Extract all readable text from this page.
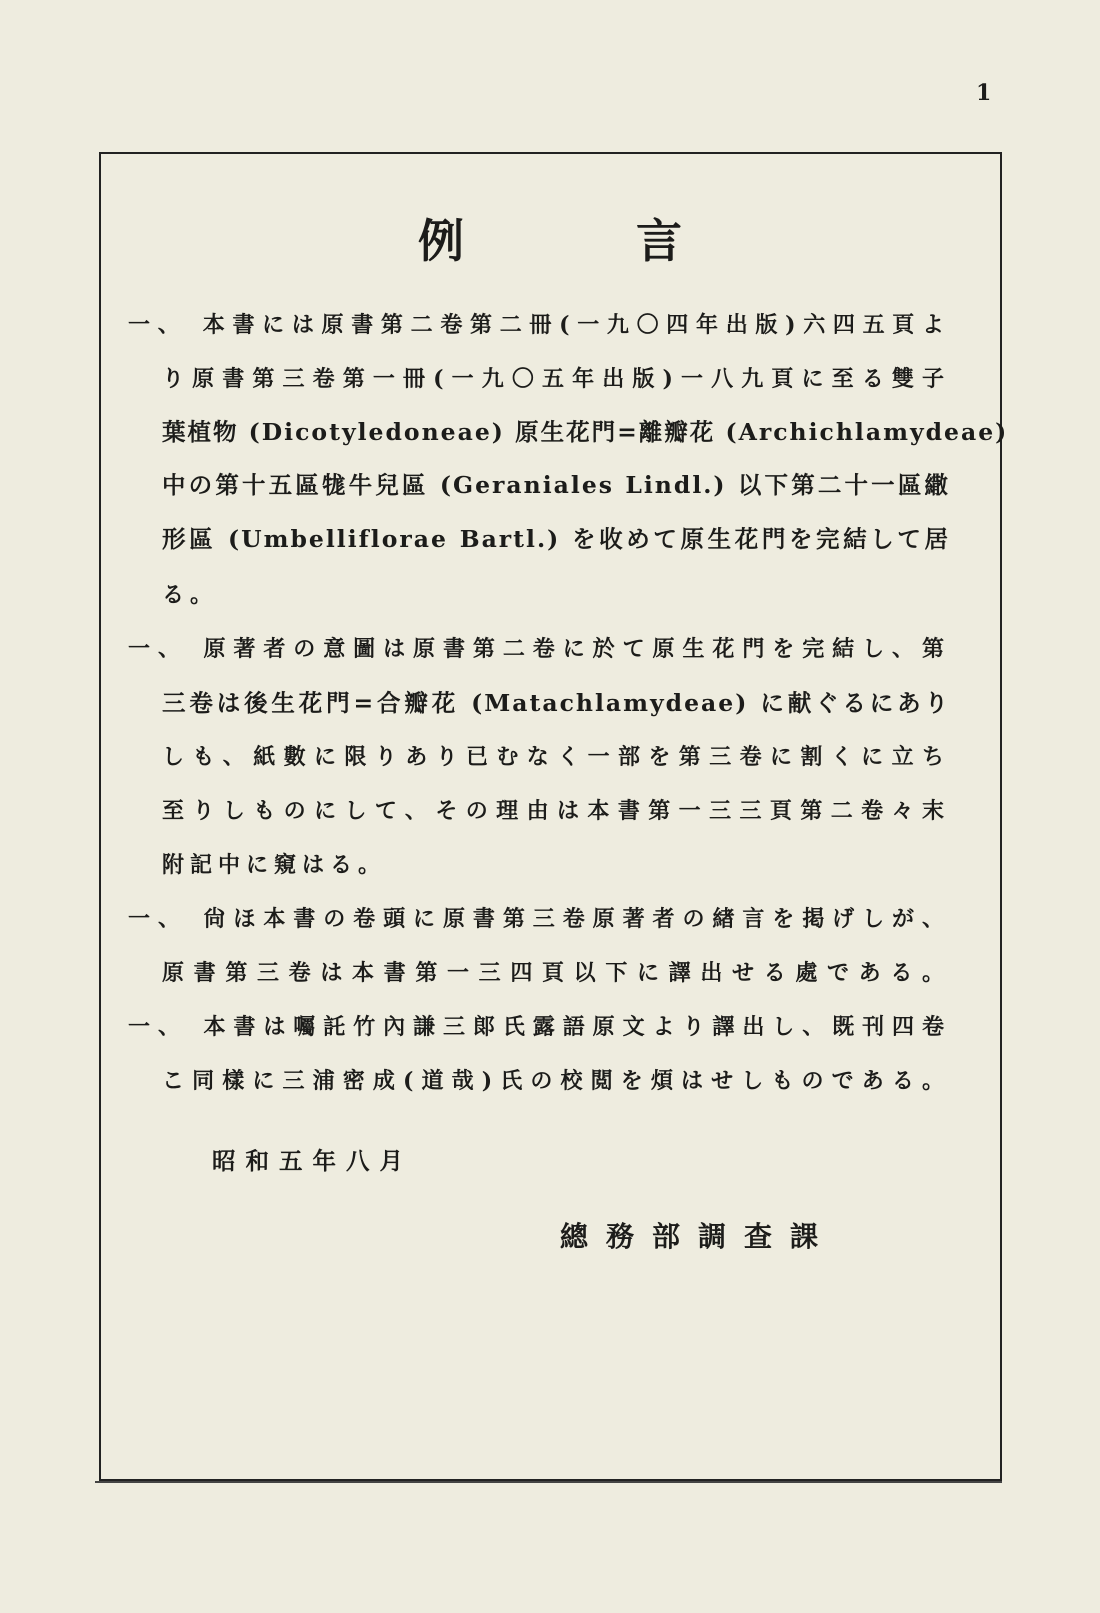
1
例 言
一、 本書には原書第二卷第二冊(一九〇四年出版)六四五頁よ
り原書第三卷第一冊(一九〇五年出版)一八九頁に至る雙子
葉植物 (Dicotyledoneae) 原生花門=離瓣花 (Archichlamydeae)
中の第十五區牻牛兒區 (Geraniales Lindl.) 以下第二十一區繖
形區 (Umbelliflorae Bartl.) を收めて原生花門を完結して居
る。
一、 原著者の意圖は原書第二卷に於て原生花門を完結し、第
三卷は後生花門=合瓣花 (Matachlamydeae) に献ぐるにあり
しも、紙數に限りあり已むなく一部を第三卷に割くに立ち
至りしものにして、その理由は本書第一三三頁第二卷々末
附記中に窺はる。
一、 尙ほ本書の卷頭に原書第三卷原著者の緖言を掲げしが、
原書第三卷は本書第一三四頁以下に譯出せる處である。
一、 本書は囑託竹內謙三郞氏露語原文より譯出し、既刊四卷
こ同樣に三浦密成(道哉)氏の校閲を煩はせしものである。
昭和五年八月
總務部調查課
